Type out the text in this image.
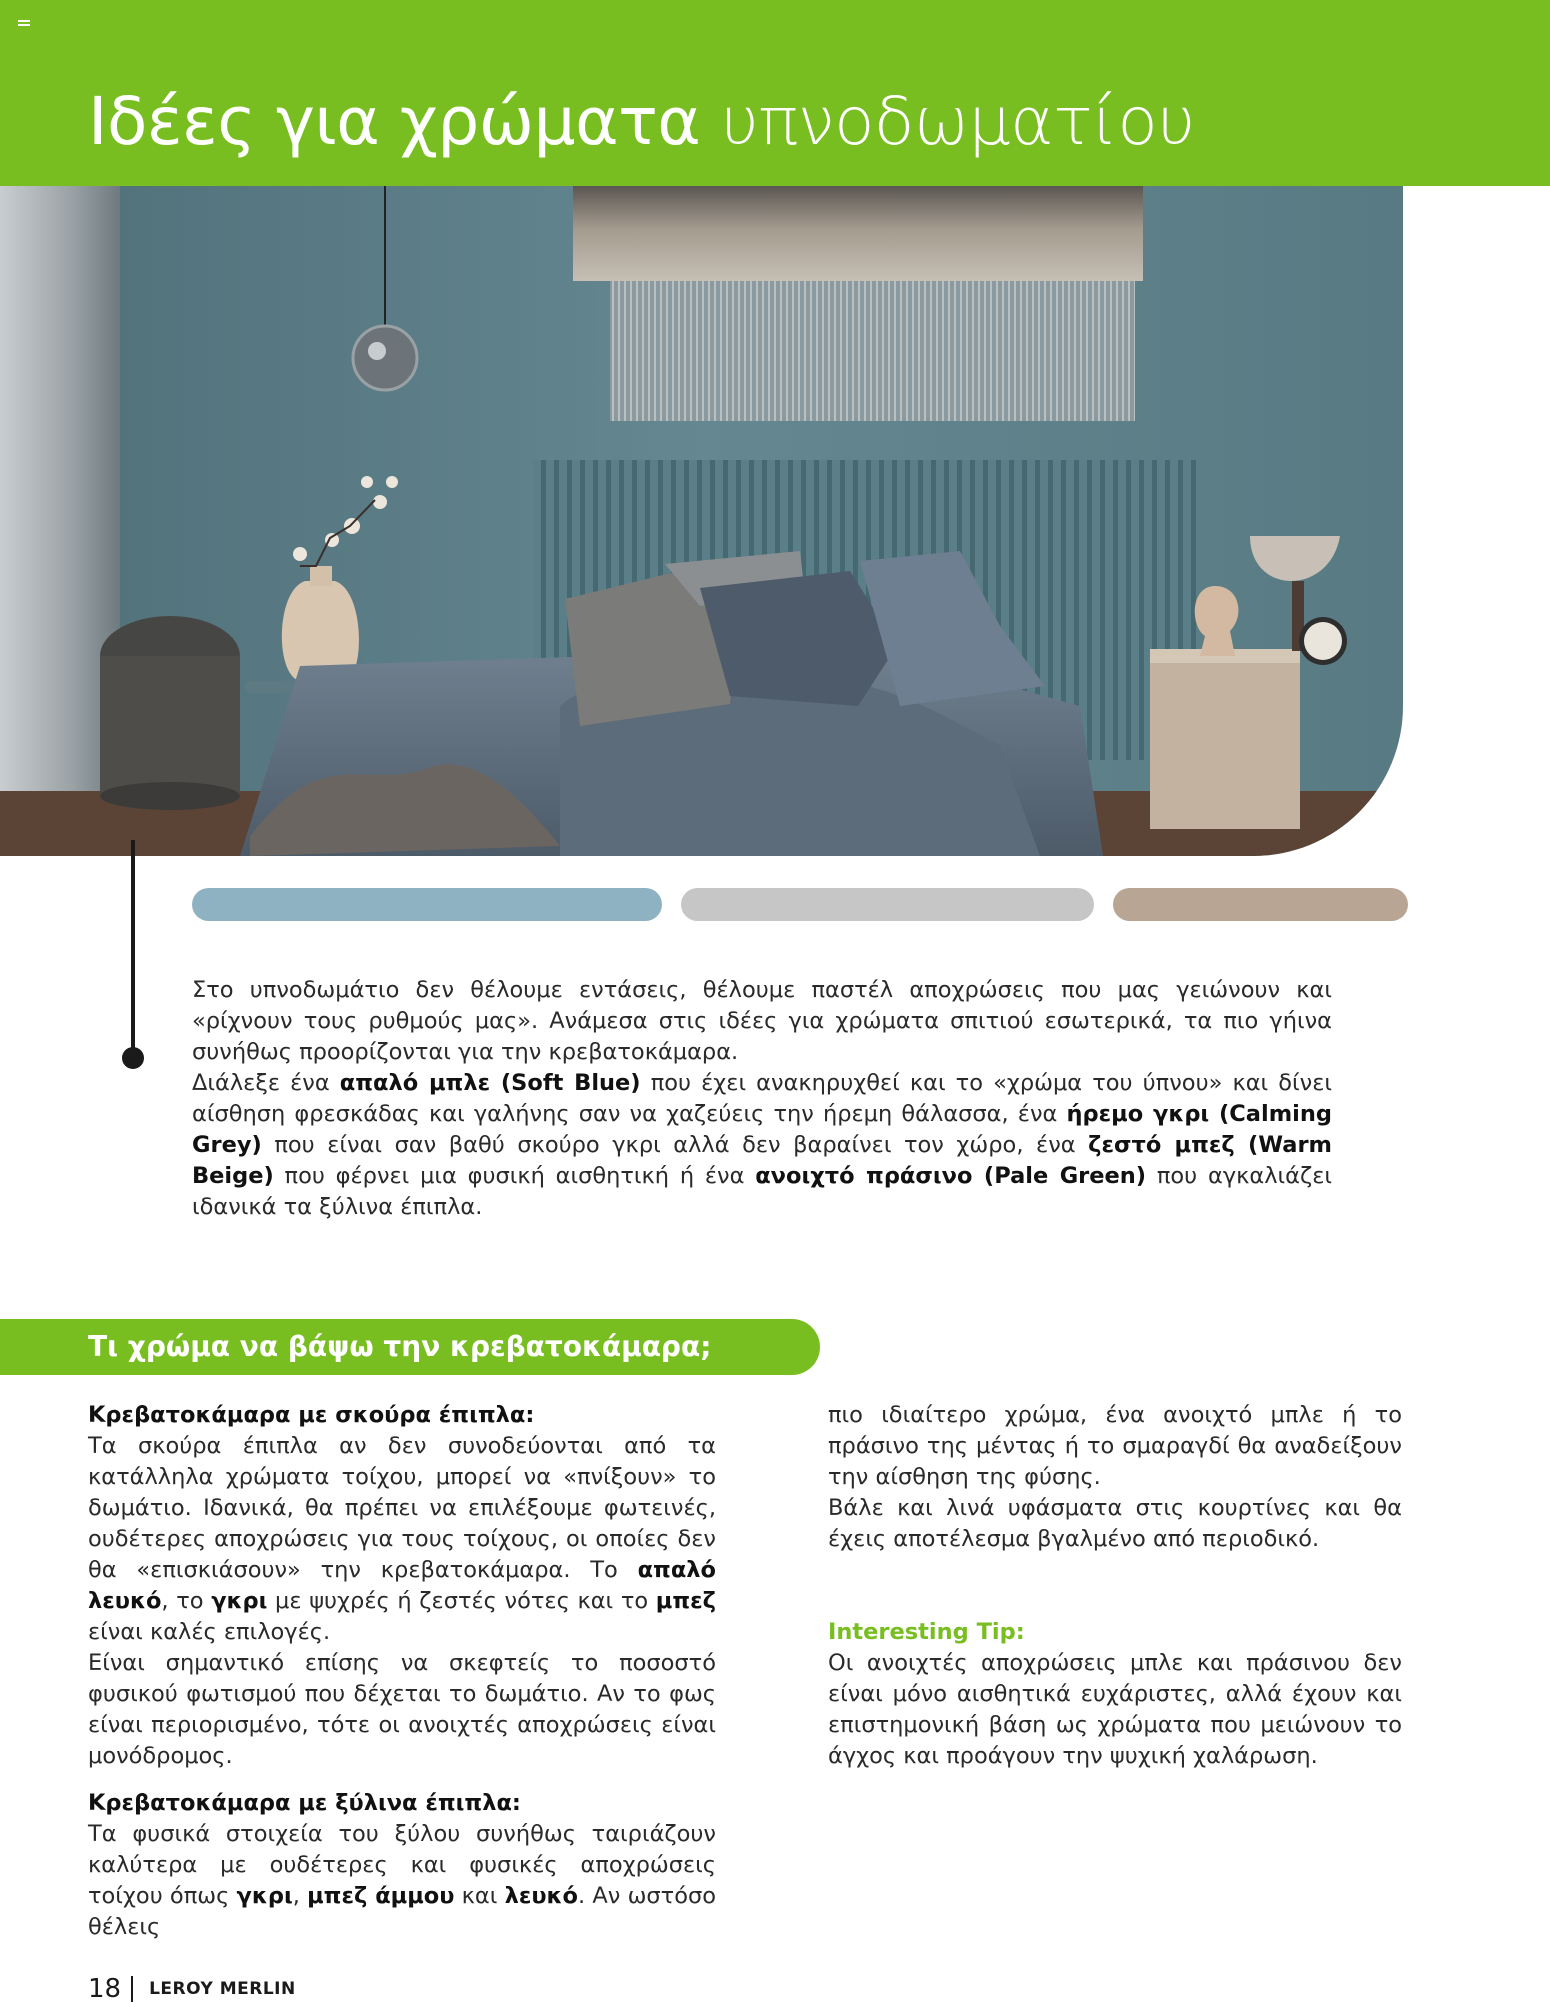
Ιδέες για χρώματα υπνοδωματίου

Στο υπνοδωμάτιο δεν θέλουμε εντάσεις, θέλουμε παστέλ αποχρώσεις που μας γειώνουν και «ρίχνουν τους ρυθμούς μας». Ανάμεσα στις ιδέες για χρώματα σπιτιού εσωτερικά, τα πιο γήινα συνήθως προορίζονται για την κρεβατοκάμαρα.

Διάλεξε ένα απαλό μπλε (Soft Blue) που έχει ανακηρυχθεί και το «χρώμα του ύπνου» και δίνει αίσθηση φρεσκάδας και γαλήνης σαν να χαζεύεις την ήρεμη θάλασσα, ένα ήρεμο γκρι (Calming Grey) που είναι σαν βαθύ σκούρο γκρι αλλά δεν βαραίνει τον χώρο, ένα ζεστό μπεζ (Warm Beige) που φέρνει μια φυσική αισθητική ή ένα ανοιχτό πράσινο (Pale Green) που αγκαλιάζει ιδανικά τα ξύλινα έπιπλα.

Τι χρώμα να βάψω την κρεβατοκάμαρα;
Κρεβατοκάμαρα με σκούρα έπιπλα:

Τα σκούρα έπιπλα αν δεν συνοδεύονται από τα κατάλληλα χρώματα τοίχου, μπορεί να «πνίξουν» το δωμάτιο. Ιδανικά, θα πρέπει να επιλέξουμε φωτεινές, ουδέτερες αποχρώσεις για τους τοίχους, οι οποίες δεν θα «επισκιάσουν» την κρεβατοκάμαρα. Το απαλό λευκό, το γκρι με ψυχρές ή ζεστές νότες και το μπεζ είναι καλές επιλογές.

Είναι σημαντικό επίσης να σκεφτείς το ποσοστό φυσικού φωτισμού που δέχεται το δωμάτιο. Αν το φως είναι περιορισμένο, τότε οι ανοιχτές αποχρώσεις είναι μονόδρομος.

Κρεβατοκάμαρα με ξύλινα έπιπλα:

Τα φυσικά στοιχεία του ξύλου συνήθως ταιριάζουν καλύτερα με ουδέτερες και φυσικές αποχρώσεις τοίχου όπως γκρι, μπεζ άμμου και λευκό. Αν ωστόσο θέλεις

πιο ιδιαίτερο χρώμα, ένα ανοιχτό μπλε ή το πράσινο της μέντας ή το σμαραγδί θα αναδείξουν την αίσθηση της φύσης.

Βάλε και λινά υφάσματα στις κουρτίνες και θα έχεις αποτέλεσμα βγαλμένο από περιοδικό.

Interesting Tip:

Οι ανοιχτές αποχρώσεις μπλε και πράσινου δεν είναι μόνο αισθητικά ευχάριστες, αλλά έχουν και επιστημονική βάση ως χρώματα που μειώνουν το άγχος και προάγουν την ψυχική χαλάρωση.

18 LEROY MERLIN
